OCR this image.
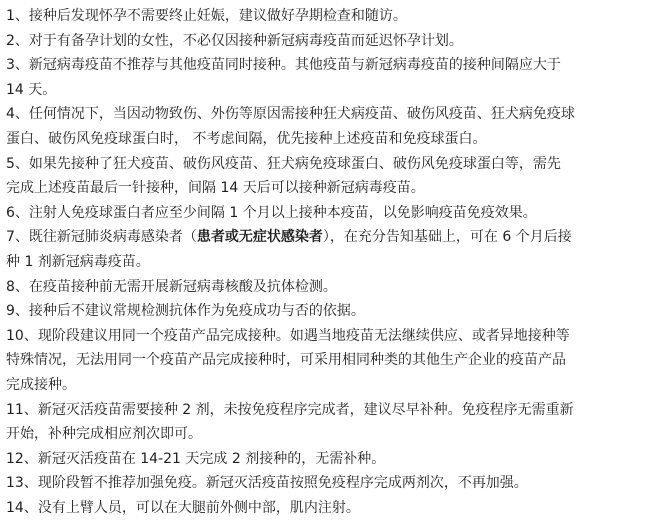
1、接种后发现怀孕不需要终止妊娠，建议做好孕期检查和随访。
2、对于有备孕计划的女性，不必仅因接种新冠病毒疫苗而延迟怀孕计划。
3、新冠病毒疫苗不推荐与其他疫苗同时接种。其他疫苗与新冠病毒疫苗的接种间隔应大于
14 天。
4、任何情况下，当因动物致伤、外伤等原因需接种狂犬病疫苗、破伤风疫苗、狂犬病免疫球
蛋白、破伤风免疫球蛋白时， 不考虑间隔，优先接种上述疫苗和免疫球蛋白。
5、如果先接种了狂犬疫苗、破伤风疫苗、狂犬病免疫球蛋白、破伤风免疫球蛋白等，需先
完成上述疫苗最后一针接种，间隔 14 天后可以接种新冠病毒疫苗。
6、注射人免疫球蛋白者应至少间隔 1 个月以上接种本疫苗，以免影响疫苗免疫效果。
7、既往新冠肺炎病毒感染者（患者或无症状感染者），在充分告知基础上，可在 6 个月后接
种 1 剂新冠病毒疫苗。
8、在疫苗接种前无需开展新冠病毒核酸及抗体检测。
9、接种后不建议常规检测抗体作为免疫成功与否的依据。
10、现阶段建议用同一个疫苗产品完成接种。如遇当地疫苗无法继续供应、或者异地接种等
特殊情况，无法用同一个疫苗产品完成接种时，可采用相同种类的其他生产企业的疫苗产品
完成接种。
11、新冠灭活疫苗需要接种 2 剂，未按免疫程序完成者，建议尽早补种。免疫程序无需重新
开始，补种完成相应剂次即可。
12、新冠灭活疫苗在 14-21 天完成 2 剂接种的，无需补种。
13、现阶段暂不推荐加强免疫。新冠灭活疫苗按照免疫程序完成两剂次，不再加强。
14、没有上臂人员，可以在大腿前外侧中部，肌内注射。
